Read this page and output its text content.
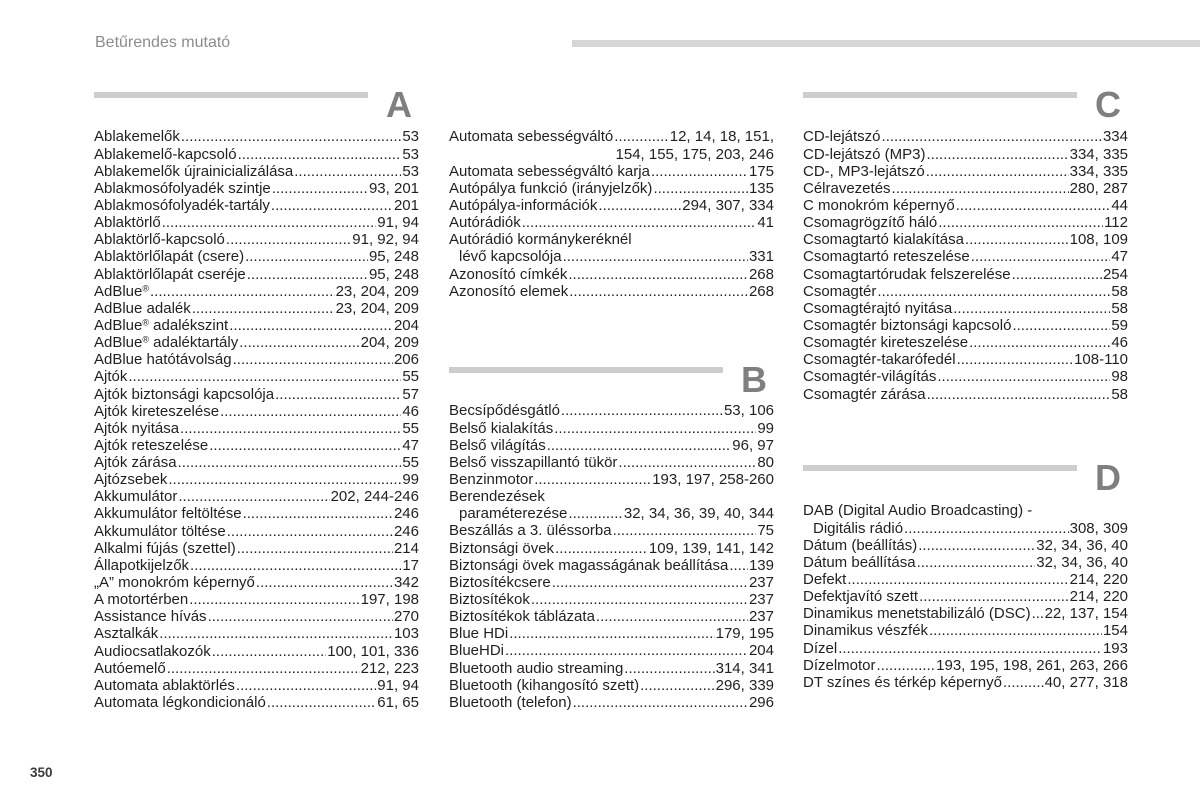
Betűrendes mutató
A
Ablakemelők .....	53
Ablakemelő-kapcsoló .....	53
Ablakemelők újrainicializálása .....	53
Ablakmosófolyadék szintje .....	93, 201
Ablakmosófolyadék-tartály .....	201
Ablaktörlő .....	91, 94
Ablaktörlő-kapcsoló .....	91, 92, 94
Ablaktörlőlapát (csere) .....	95, 248
Ablaktörlőlapát cseréje .....	95, 248
AdBlue® .....	23, 204, 209
AdBlue adalék .....	23, 204, 209
AdBlue® adalékszint .....	204
AdBlue® adaléktartály .....	204, 209
AdBlue hatótávolság .....	206
Ajtók .....	55
Ajtók biztonsági kapcsolója .....	57
Ajtók kireteszelése .....	46
Ajtók nyitása .....	55
Ajtók reteszelése .....	47
Ajtók zárása .....	55
Ajtózsebek .....	99
Akkumulátor .....	202, 244-246
Akkumulátor feltöltése .....	246
Akkumulátor töltése .....	246
Alkalmi fújás (szettel) .....	214
Állapotkijelzők .....	17
„A” monokróm képernyő .....	342
A motortérben .....	197, 198
Assistance hívás .....	270
Asztalkák .....	103
Audiocsatlakozók .....	100, 101, 336
Autóemelő .....	212, 223
Automata ablaktörlés .....	91, 94
Automata légkondicionáló .....	61, 65
Automata sebességváltó .....	12, 14, 18, 151,
154, 155, 175, 203, 246
Automata sebességváltó karja .....	175
Autópálya funkció (irányjelzők) .....	135
Autópálya-információk .....	294, 307, 334
Autórádiók .....	41
Autórádió kormánykeréknél
lévő kapcsolója .....	331
Azonosító címkék .....	268
Azonosító elemek .....	268
B
Becsípődésgátló .....	53, 106
Belső kialakítás .....	99
Belső világítás .....	96, 97
Belső visszapillantó tükör .....	80
Benzinmotor .....	193, 197, 258-260
Berendezések
paraméterezése .....	32, 34, 36, 39, 40, 344
Beszállás a 3. üléssorba .....	75
Biztonsági övek .....	109, 139, 141, 142
Biztonsági övek magasságának beállítása ..... 139
Biztosítékcsere .....	237
Biztosítékok .....	237
Biztosítékok táblázata .....	237
Blue HDi .....	179, 195
BlueHDi .....	204
Bluetooth audio streaming .....	314, 341
Bluetooth (kihangosító szett) .....	296, 339
Bluetooth (telefon) .....	296
C
CD-lejátszó .....	334
CD-lejátszó (MP3) .....	334, 335
CD-, MP3-lejátszó .....	334, 335
Célravezetés .....	280, 287
C monokróm képernyő .....	44
Csomagrögzítő háló .....	112
Csomagtartó kialakítása .....	108, 109
Csomagtartó reteszelése .....	47
Csomagtartórudak felszerelése .....	254
Csomagtér .....	58
Csomagtérajtó nyitása .....	58
Csomagtér biztonsági kapcsoló .....	59
Csomagtér kireteszelése .....	46
Csomagtér-takarófedél .....	108-110
Csomagtér-világítás .....	98
Csomagtér zárása .....	58
D
DAB (Digital Audio Broadcasting) -
Digitális rádió .....	308, 309
Dátum (beállítás) .....	32, 34, 36, 40
Dátum beállítása .....	32, 34, 36, 40
Defekt .....	214, 220
Defektjavító szett .....	214, 220
Dinamikus menetstabilizáló (DSC) ..... 22, 137, 154
Dinamikus vészfék .....	154
Dízel .....	193
Dízelmotor .....	193, 195, 198, 261, 263, 266
DT színes és térkép képernyő .....	40, 277, 318
350
